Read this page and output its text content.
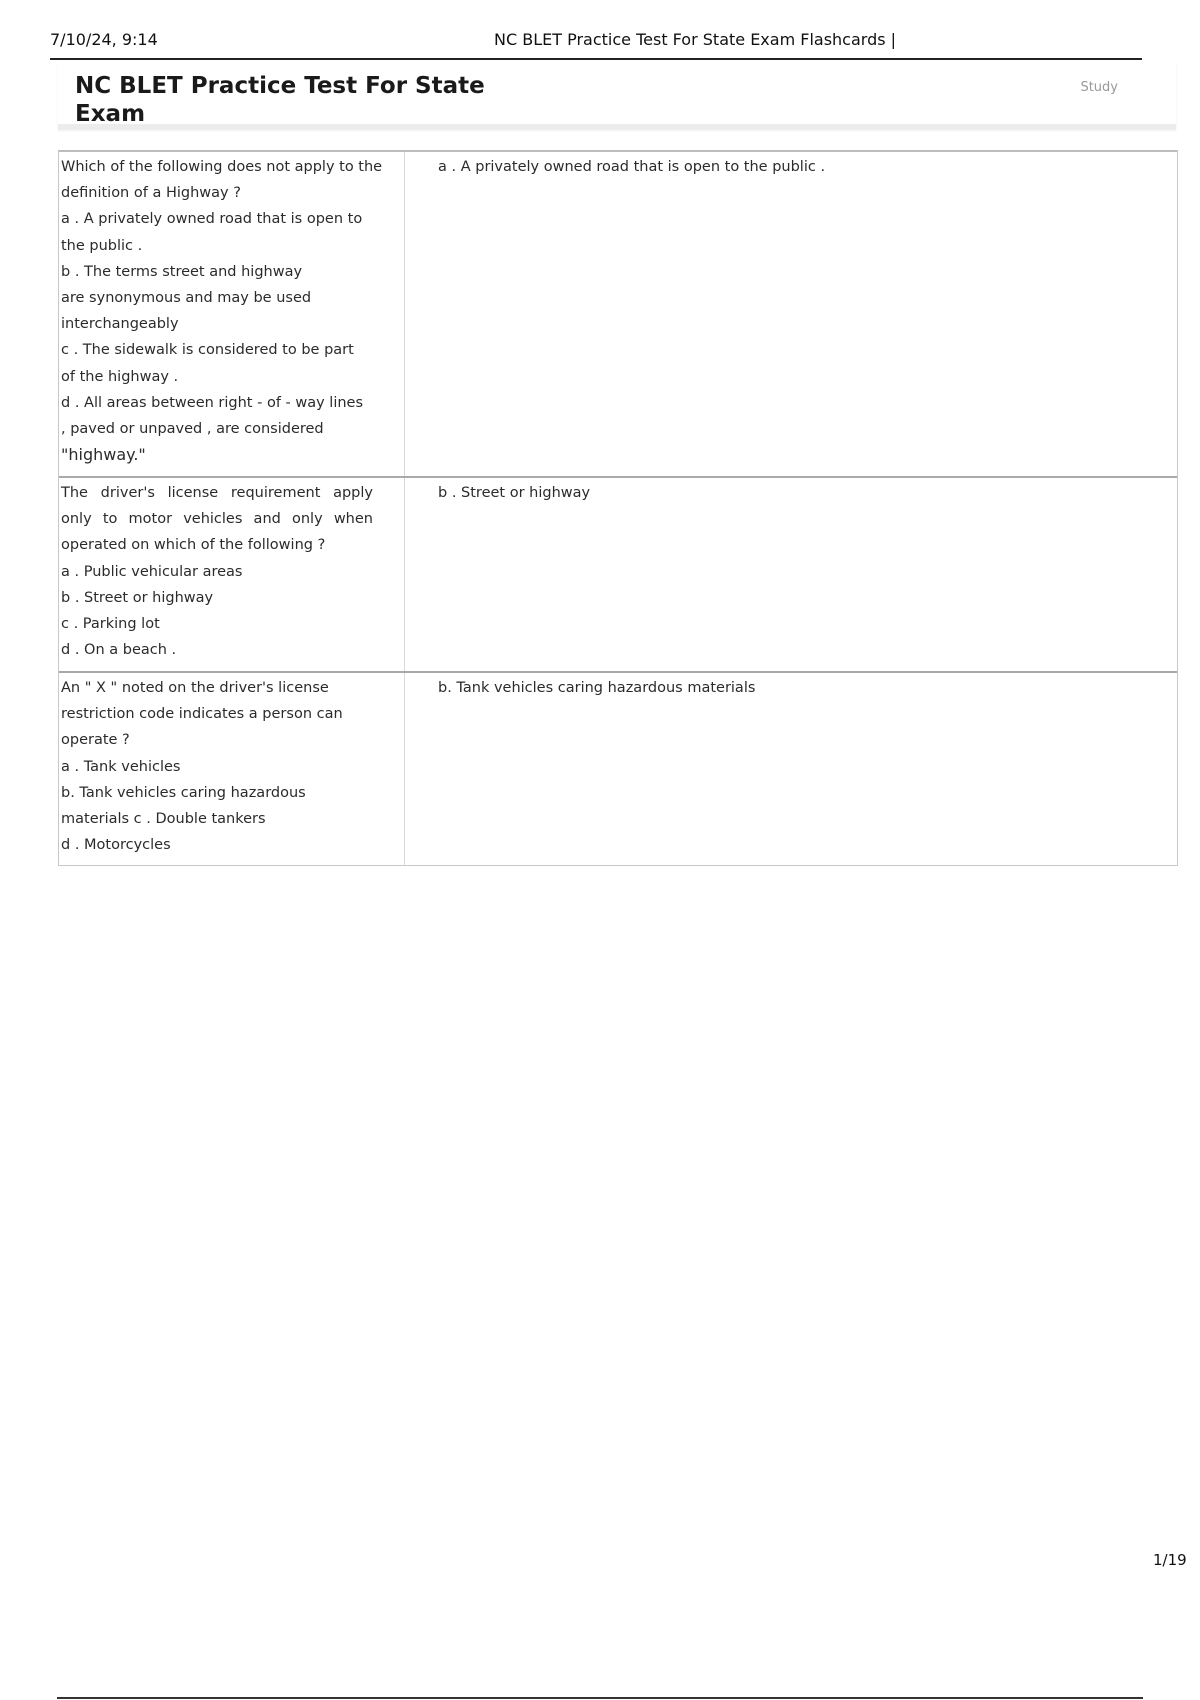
7/10/24, 9:14	NC BLET Practice Test For State Exam Flashcards |
NC BLET Practice Test For State Exam
Study
Which of the following does not apply to the
definition of a Highway ?
a . A privately owned road that is open to
the public .
b . The terms street and highway
are synonymous and may be used
interchangeably
c . The sidewalk is considered to be part
of the highway .
d . All areas between right - of - way lines
, paved or unpaved , are considered
"highway."
a . A privately owned road that is open to the public .
The driver's license requirement apply
only to motor vehicles and only when
operated on which of the following ?
a . Public vehicular areas
b . Street or highway
c . Parking lot
d . On a beach .
b . Street or highway
An " X " noted on the driver's license
restriction code indicates a person can
operate ?
a . Tank vehicles
b. Tank vehicles caring hazardous
materials c . Double tankers
d . Motorcycles
b. Tank vehicles caring hazardous materials
1/19
